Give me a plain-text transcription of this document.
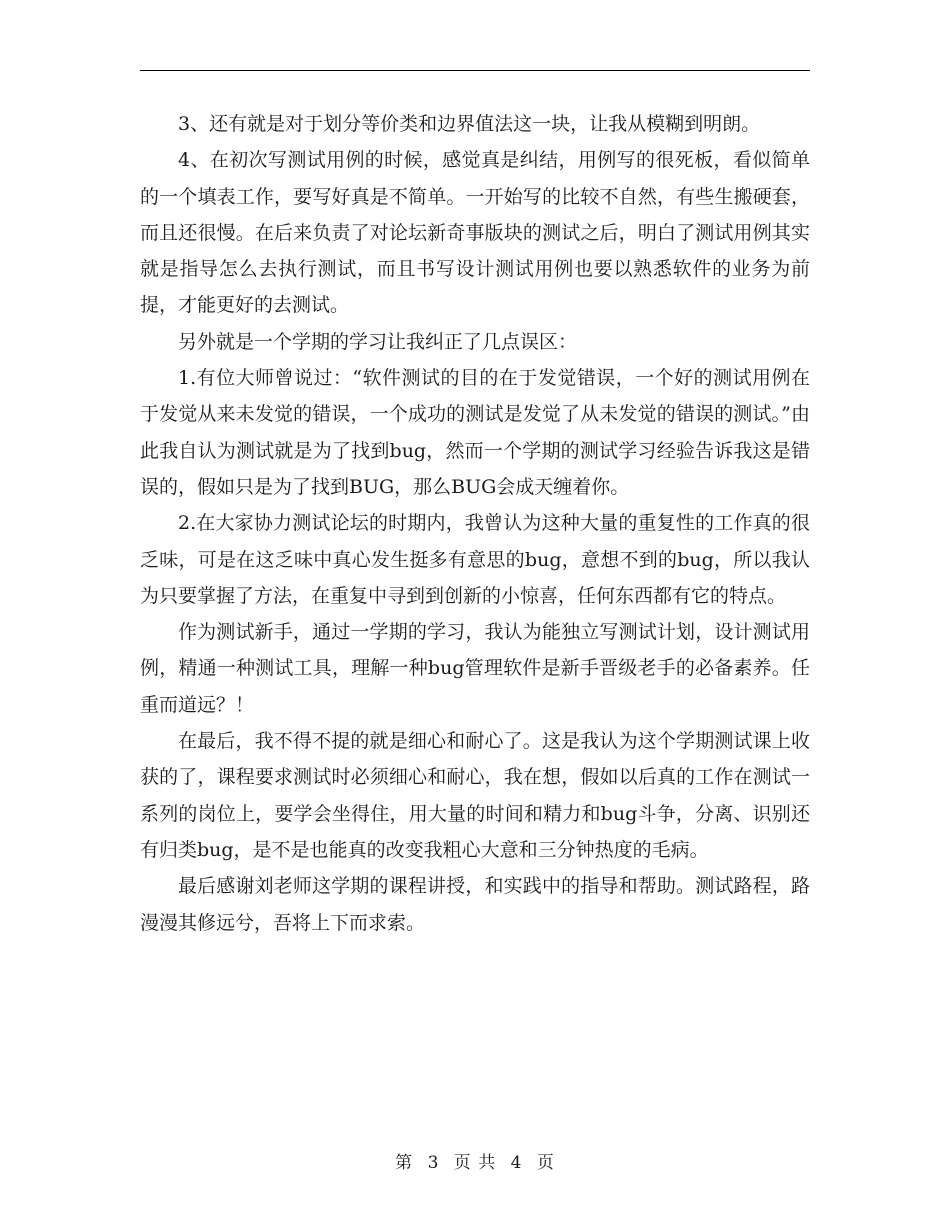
3、还有就是对于划分等价类和边界值法这一块，让我从模糊到明朗。

4、在初次写测试用例的时候，感觉真是纠结，用例写的很死板，看似简单的一个填表工作，要写好真是不简单。一开始写的比较不自然，有些生搬硬套，而且还很慢。在后来负责了对论坛新奇事版块的测试之后，明白了测试用例其实就是指导怎么去执行测试，而且书写设计测试用例也要以熟悉软件的业务为前提，才能更好的去测试。

另外就是一个学期的学习让我纠正了几点误区：

1.有位大师曾说过：“软件测试的目的在于发觉错误，一个好的测试用例在于发觉从来未发觉的错误，一个成功的测试是发觉了从未发觉的错误的测试。”由此我自认为测试就是为了找到bug，然而一个学期的测试学习经验告诉我这是错误的，假如只是为了找到BUG，那么BUG会成天缠着你。

2.在大家协力测试论坛的时期内，我曾认为这种大量的重复性的工作真的很乏味，可是在这乏味中真心发生挺多有意思的bug，意想不到的bug，所以我认为只要掌握了方法，在重复中寻到到创新的小惊喜，任何东西都有它的特点。

作为测试新手，通过一学期的学习，我认为能独立写测试计划，设计测试用例，精通一种测试工具，理解一种bug管理软件是新手晋级老手的必备素养。任重而道远？！

在最后，我不得不提的就是细心和耐心了。这是我认为这个学期测试课上收获的了，课程要求测试时必须细心和耐心，我在想，假如以后真的工作在测试一系列的岗位上，要学会坐得住，用大量的时间和精力和bug斗争，分离、识别还有归类bug，是不是也能真的改变我粗心大意和三分钟热度的毛病。

最后感谢刘老师这学期的课程讲授，和实践中的指导和帮助。测试路程，路漫漫其修远兮，吾将上下而求索。

第 3 页 共 4 页
